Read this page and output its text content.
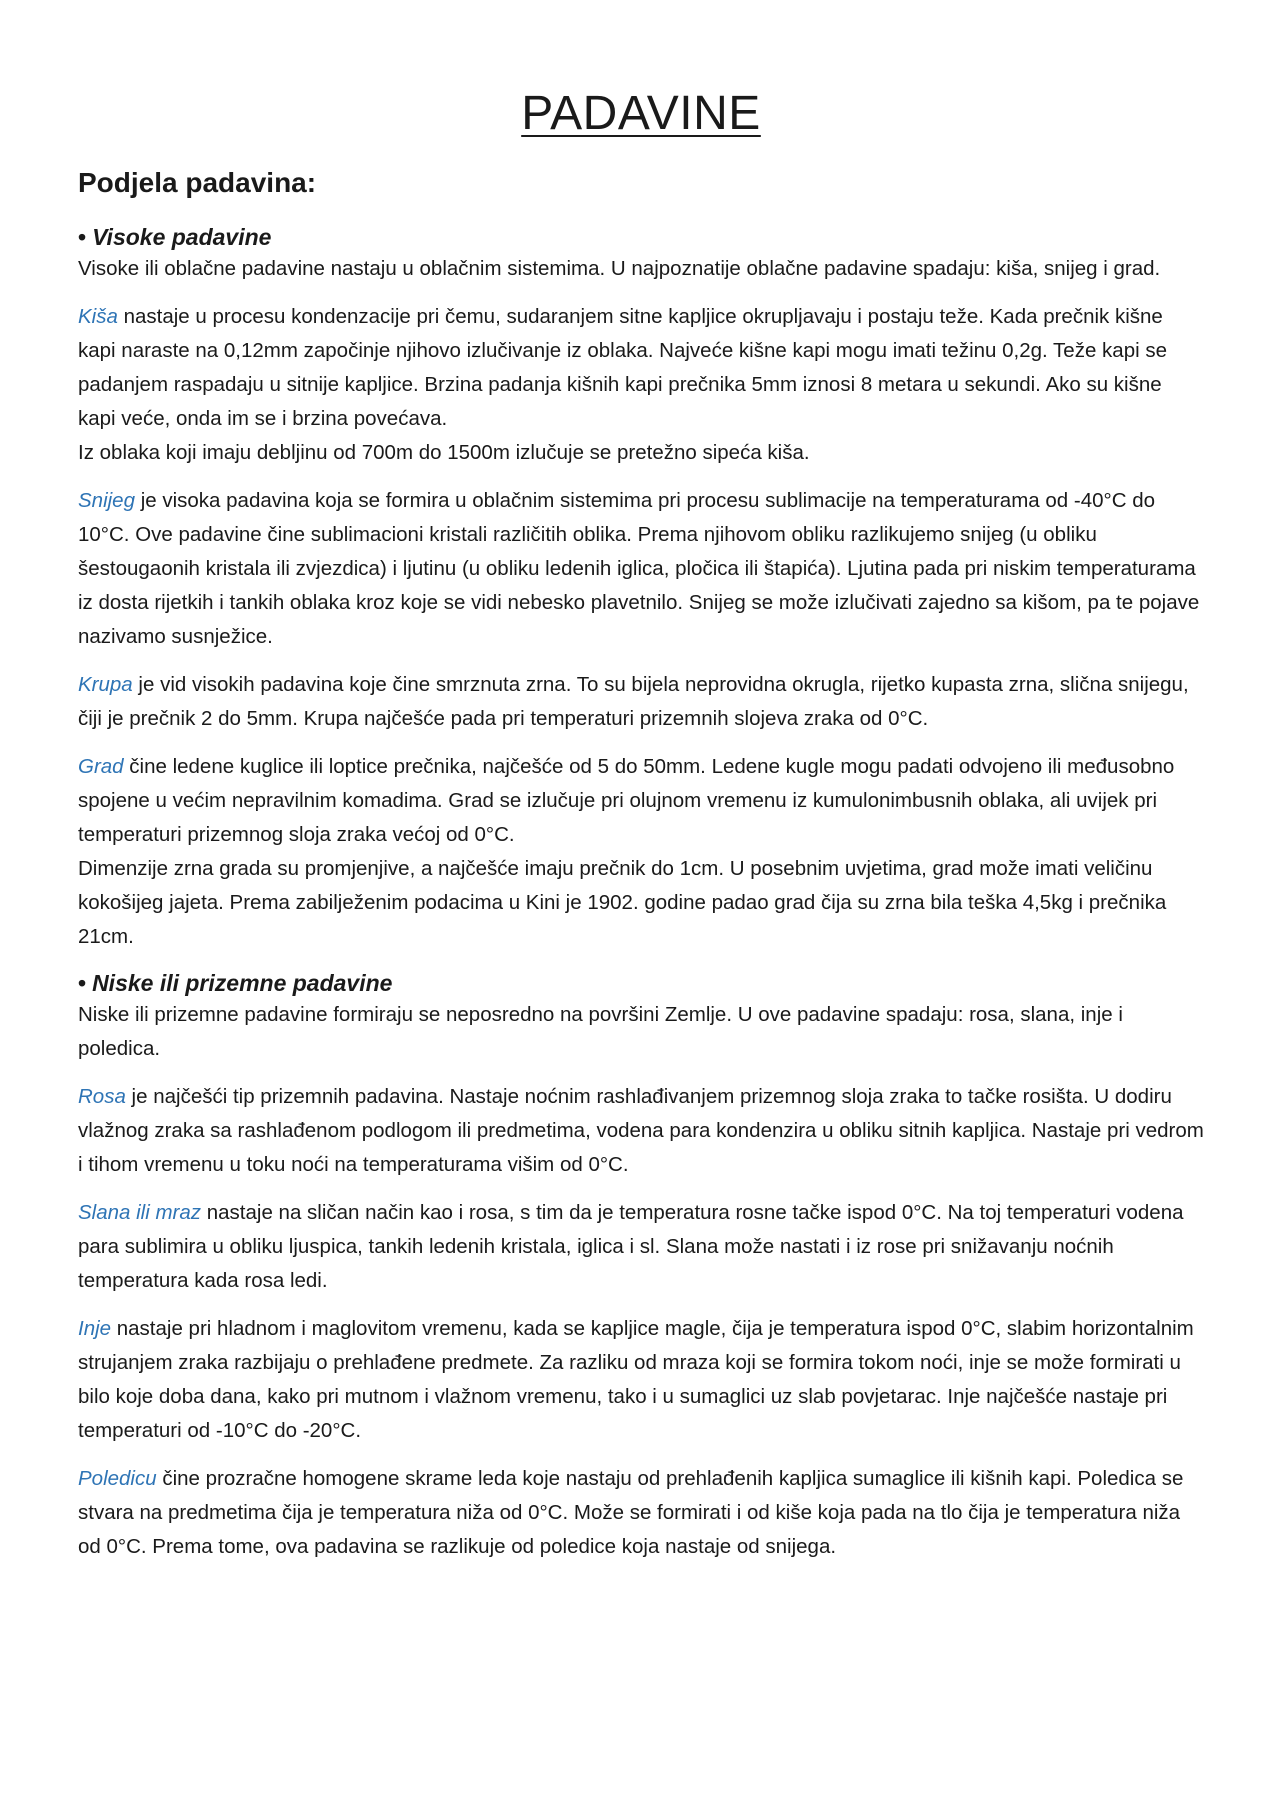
PADAVINE
Podjela padavina:
• Visoke padavine

Visoke ili oblačne padavine nastaju u oblačnim sistemima. U najpoznatije oblačne padavine spadaju: kiša, snijeg i grad.

Kiša nastaje u procesu kondenzacije pri čemu, sudaranjem sitne kapljice okrupljavaju i postaju teže. Kada prečnik kišne kapi naraste na 0,12mm započinje njihovo izlučivanje iz oblaka. Najveće kišne kapi mogu imati težinu 0,2g. Teže kapi se padanjem raspadaju u sitnije kapljice. Brzina padanja kišnih kapi prečnika 5mm iznosi 8 metara u sekundi. Ako su kišne kapi veće, onda im se i brzina povećava.
Iz oblaka koji imaju debljinu od 700m do 1500m izlučuje se pretežno sipeća kiša.

Snijeg je visoka padavina koja se formira u oblačnim sistemima pri procesu sublimacije na temperaturama od -40°C do 10°C. Ove padavine čine sublimacioni kristali različitih oblika. Prema njihovom obliku razlikujemo snijeg (u obliku šestougaonih kristala ili zvjezdica) i ljutinu (u obliku ledenih iglica, pločica ili štapića). Ljutina pada pri niskim temperaturama iz dosta rijetkih i tankih oblaka kroz koje se vidi nebesko plavetnilo. Snijeg se može izlučivati zajedno sa kišom, pa te pojave nazivamo susnježice.

Krupa je vid visokih padavina koje čine smrznuta zrna. To su bijela neprovidna okrugla, rijetko kupasta zrna, slična snijegu, čiji je prečnik 2 do 5mm. Krupa najčešće pada pri temperaturi prizemnih slojeva zraka od 0°C.

Grad čine ledene kuglice ili loptice prečnika, najčešće od 5 do 50mm. Ledene kugle mogu padati odvojeno ili međusobno spojene u većim nepravilnim komadima. Grad se izlučuje pri olujnom vremenu iz kumulonimbusnih oblaka, ali uvijek pri temperaturi prizemnog sloja zraka većoj od 0°C.
Dimenzije zrna grada su promjenjive, a najčešće imaju prečnik do 1cm. U posebnim uvjetima, grad može imati veličinu kokošijeg jajeta. Prema zabilježenim podacima u Kini je 1902. godine padao grad čija su zrna bila teška 4,5kg i prečnika 21cm.

• Niske ili prizemne padavine

Niske ili prizemne padavine formiraju se neposredno na površini Zemlje. U ove padavine spadaju: rosa, slana, inje i poledica.

Rosa je najčešći tip prizemnih padavina. Nastaje noćnim rashlađivanjem prizemnog sloja zraka to tačke rosišta. U dodiru vlažnog zraka sa rashlađenom podlogom ili predmetima, vodena para kondenzira u obliku sitnih kapljica. Nastaje pri vedrom i tihom vremenu u toku noći na temperaturama višim od 0°C.

Slana ili mraz nastaje na sličan način kao i rosa, s tim da je temperatura rosne tačke ispod 0°C. Na toj temperaturi vodena para sublimira u obliku ljuspica, tankih ledenih kristala, iglica i sl. Slana može nastati i iz rose pri snižavanju noćnih temperatura kada rosa ledi.

Inje nastaje pri hladnom i maglovitom vremenu, kada se kapljice magle, čija je temperatura ispod 0°C, slabim horizontalnim strujanjem zraka razbijaju o prehlađene predmete. Za razliku od mraza koji se formira tokom noći, inje se može formirati u bilo koje doba dana, kako pri mutnom i vlažnom vremenu, tako i u sumaglici uz slab povjetarac. Inje najčešće nastaje pri temperaturi od -10°C do -20°C.

Poledicu čine prozračne homogene skrame leda koje nastaju od prehlađenih kapljica sumaglice ili kišnih kapi. Poledica se stvara na predmetima čija je temperatura niža od 0°C. Može se formirati i od kiše koja pada na tlo čija je temperatura niža od 0°C. Prema tome, ova padavina se razlikuje od poledice koja nastaje od snijega.
